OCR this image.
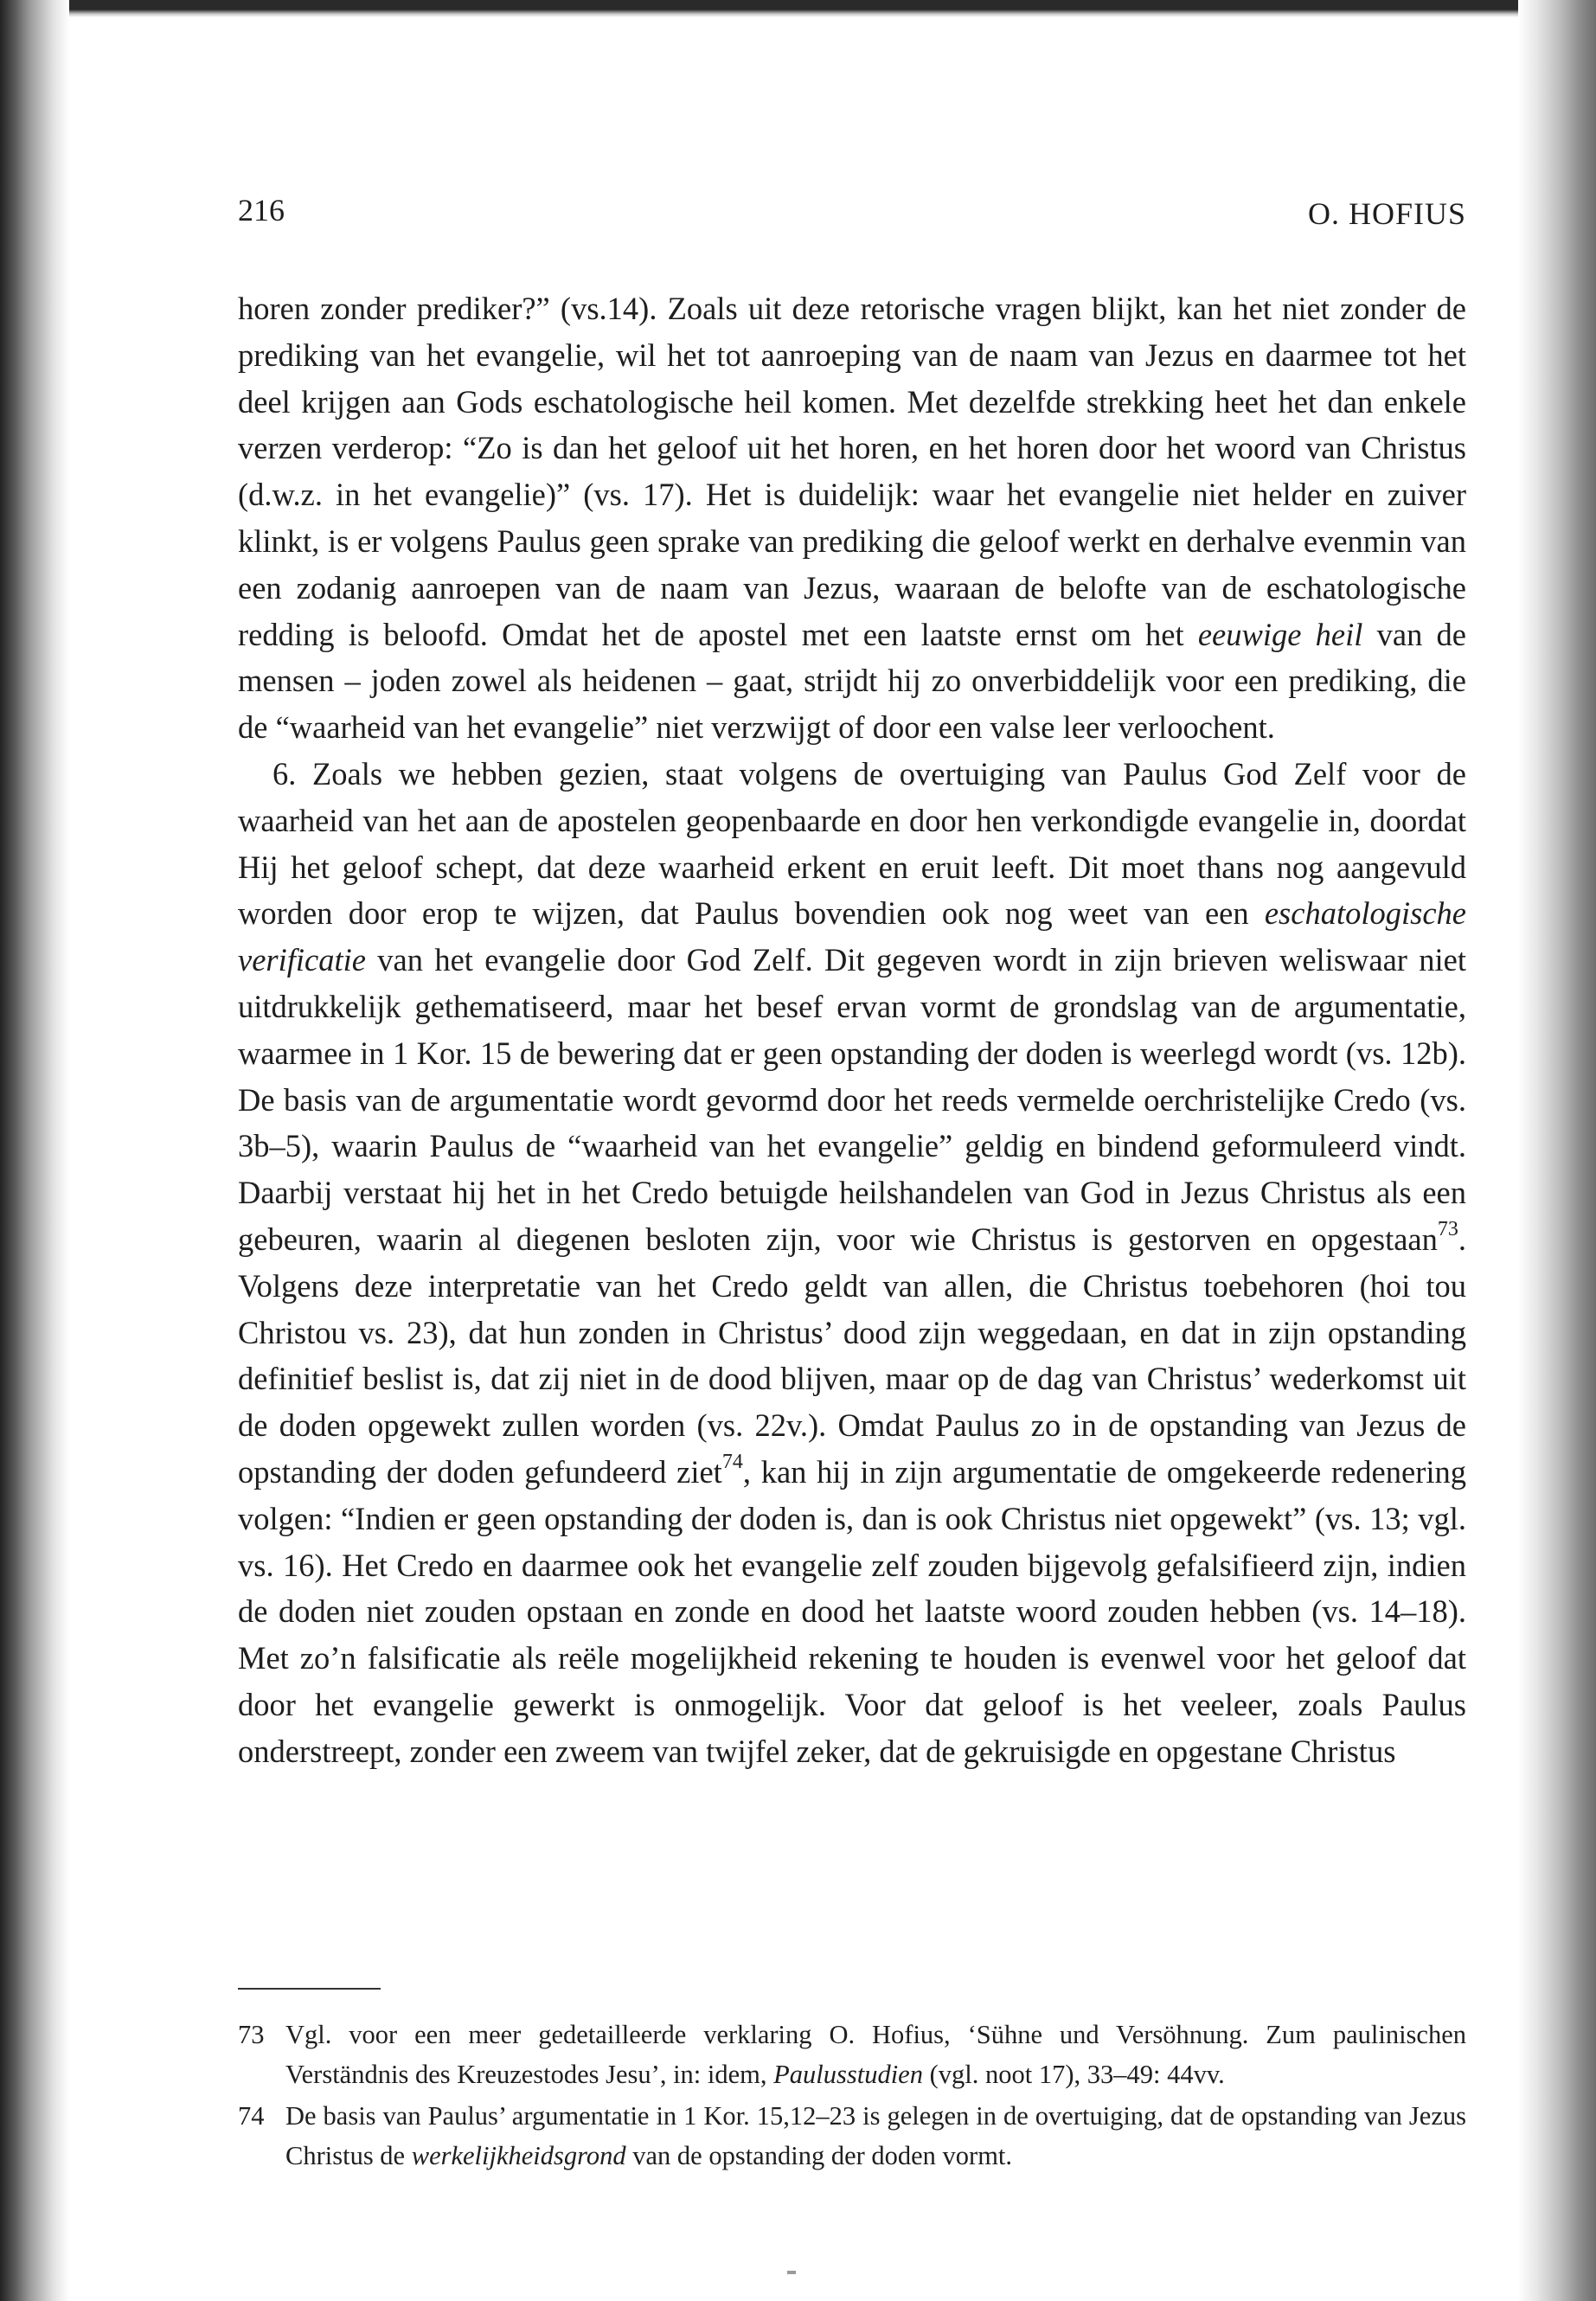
216	O. HOFIUS

horen zonder prediker?” (vs.14). Zoals uit deze retorische vragen blijkt, kan het niet zonder de prediking van het evangelie, wil het tot aanroeping van de naam van Jezus en daarmee tot het deel krijgen aan Gods eschatologische heil komen. Met dezelfde strekking heet het dan enkele verzen verderop: “Zo is dan het geloof uit het horen, en het horen door het woord van Christus (d.w.z. in het evangelie)” (vs. 17). Het is duidelijk: waar het evangelie niet helder en zuiver klinkt, is er volgens Paulus geen sprake van prediking die geloof werkt en derhalve evenmin van een zodanig aanroepen van de naam van Jezus, waaraan de belofte van de eschatologische redding is beloofd. Omdat het de apostel met een laatste ernst om het eeuwige heil van de mensen – joden zowel als heidenen – gaat, strijdt hij zo onverbiddelijk voor een prediking, die de “waarheid van het evangelie” niet verzwijgt of door een valse leer verloochent.

6. Zoals we hebben gezien, staat volgens de overtuiging van Paulus God Zelf voor de waarheid van het aan de apostelen geopenbaarde en door hen verkondigde evangelie in, doordat Hij het geloof schept, dat deze waarheid erkent en eruit leeft. Dit moet thans nog aangevuld worden door erop te wijzen, dat Paulus bovendien ook nog weet van een eschatologische verificatie van het evangelie door God Zelf. Dit gegeven wordt in zijn brieven weliswaar niet uitdrukkelijk gethematiseerd, maar het besef ervan vormt de grondslag van de argumentatie, waarmee in 1 Kor. 15 de bewering dat er geen opstanding der doden is weerlegd wordt (vs. 12b). De basis van de argumentatie wordt gevormd door het reeds vermelde oerchristelijke Credo (vs. 3b–5), waarin Paulus de “waarheid van het evangelie” geldig en bindend geformuleerd vindt. Daarbij verstaat hij het in het Credo betuigde heilshandelen van God in Jezus Christus als een gebeuren, waarin al diegenen besloten zijn, voor wie Christus is gestorven en opgestaan$^{73}$. Volgens deze interpretatie van het Credo geldt van allen, die Christus toebehoren (hoi tou Christou vs. 23), dat hun zonden in Christus’ dood zijn weggedaan, en dat in zijn opstanding definitief beslist is, dat zij niet in de dood blijven, maar op de dag van Christus’ wederkomst uit de doden opgewekt zullen worden (vs. 22v.). Omdat Paulus zo in de opstanding van Jezus de opstanding der doden gefundeerd ziet$^{74}$, kan hij in zijn argumentatie de omgekeerde redenering volgen: “Indien er geen opstanding der doden is, dan is ook Christus niet opgewekt” (vs. 13; vgl. vs. 16). Het Credo en daarmee ook het evangelie zelf zouden bijgevolg gefalsifieerd zijn, indien de doden niet zouden opstaan en zonde en dood het laatste woord zouden hebben (vs. 14–18). Met zo’n falsificatie als reële mogelijkheid rekening te houden is evenwel voor het geloof dat door het evangelie gewerkt is onmogelijk. Voor dat geloof is het veeleer, zoals Paulus onderstreept, zonder een zweem van twijfel zeker, dat de gekruisigde en opgestane Christus

73 Vgl. voor een meer gedetailleerde verklaring O. Hofius, ‘Sühne und Versöhnung. Zum paulinischen Verständnis des Kreuzestodes Jesu’, in: idem, Paulusstudien (vgl. noot 17), 33–49: 44vv.
74 De basis van Paulus’ argumentatie in 1 Kor. 15,12–23 is gelegen in de overtuiging, dat de opstanding van Jezus Christus de werkelijkheidsgrond van de opstanding der doden vormt.
